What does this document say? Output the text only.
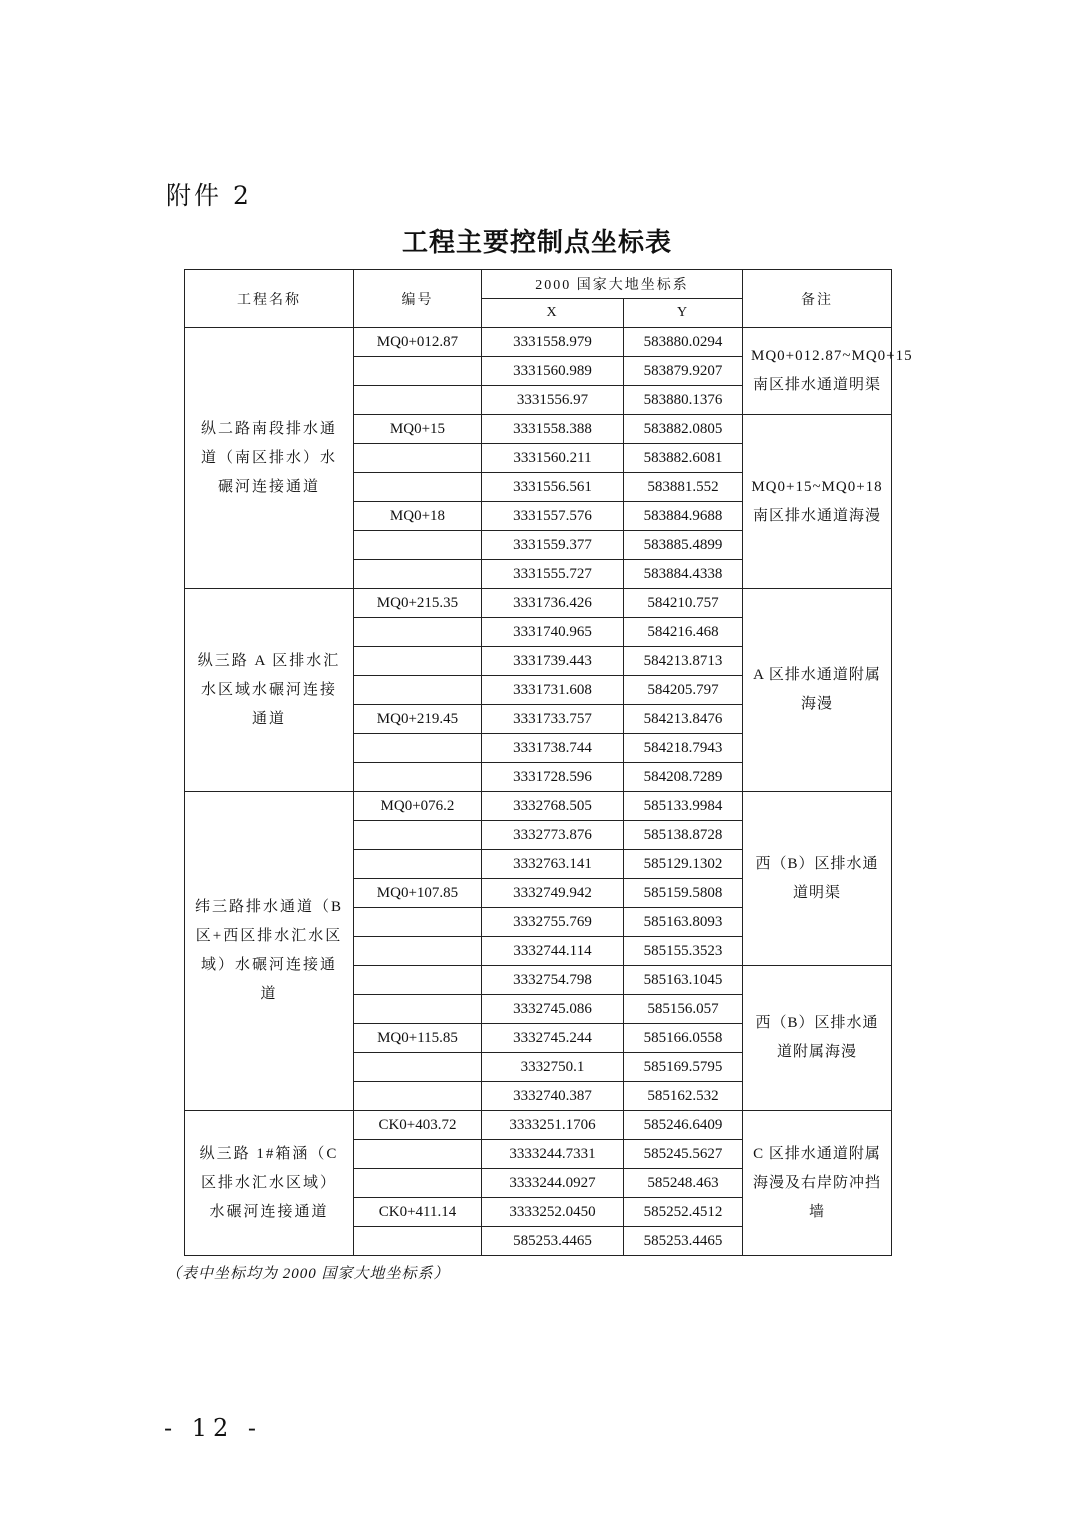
附件 2
工程主要控制点坐标表
工程名称	编号	2000 国家大地坐标系		备注
		X	Y	
纵二路南段排水通道（南区排水）水碾河连接通道	MQ0+012.87	3331558.979	583880.0294	MQ0+012.87~MQ0+15 南区排水通道明渠
		3331560.989	583879.9207	
		3331556.97	583880.1376	
	MQ0+15	3331558.388	583882.0805	MQ0+15~MQ0+18 南区排水通道海漫
		3331560.211	583882.6081	
		3331556.561	583881.552	
	MQ0+18	3331557.576	583884.9688	
		3331559.377	583885.4899	
		3331555.727	583884.4338	
纵三路 A 区排水汇水区域水碾河连接通道	MQ0+215.35	3331736.426	584210.757	A 区排水通道附属海漫
		3331740.965	584216.468	
		3331739.443	584213.8713	
		3331731.608	584205.797	
	MQ0+219.45	3331733.757	584213.8476	
		3331738.744	584218.7943	
		3331728.596	584208.7289	
纬三路排水通道（B区+西区排水汇水区域）水碾河连接通道	MQ0+076.2	3332768.505	585133.9984	西（B）区排水通道明渠
		3332773.876	585138.8728	
		3332763.141	585129.1302	
	MQ0+107.85	3332749.942	585159.5808	
		3332755.769	585163.8093	
		3332744.114	585155.3523	
		3332754.798	585163.1045	西（B）区排水通道附属海漫
		3332745.086	585156.057	
	MQ0+115.85	3332745.244	585166.0558	
		3332750.1	585169.5795	
		3332740.387	585162.532	
纵三路 1#箱涵（C 区排水汇水区域）水碾河连接通道	CK0+403.72	3333251.1706	585246.6409	C 区排水通道附属海漫及右岸防冲挡墙
		3333244.7331	585245.5627	
		3333244.0927	585248.463	
	CK0+411.14	3333252.0450	585252.4512	
		585253.4465	585253.4465	
（表中坐标均为 2000 国家大地坐标系）
- 12 -
